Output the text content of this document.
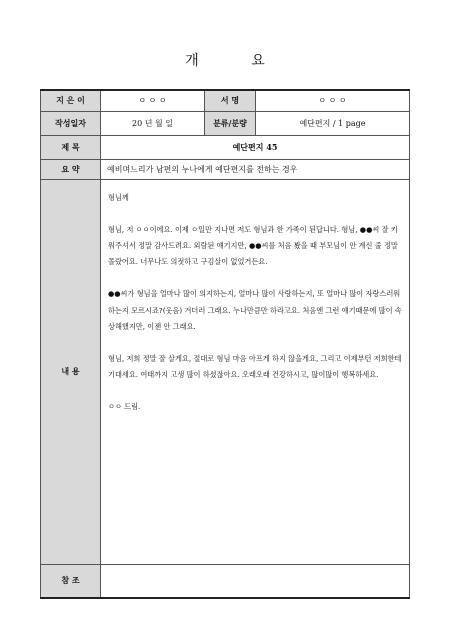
개 요
지 은 이	ㅇ ㅇ ㅇ	서 명	ㅇ ㅇ ㅇ
작성일자	20 년 월 일	분류/분량	예단편지 / 1 page
제 목	예단편지 45		
요 약	예비며느리가 남편의 누나에게 예단편지를 전하는 경우		
내 용	형님께

형님, 저 ㅇㅇ이에요. 이제 ㅇ일만 지나면 저도 형님과 한 가족이 된답니다. 형님, ●●씨 잘 키워주셔서 정말 감사드려요. 외람된 얘기지만, ●●씨를 처음 봤을 때 부모님이 안 계신 줄 정말 몰랐어요. 너무나도 의젓하고 구김살이 없었거든요.

●●씨가 형님을 얼마나 많이 의지하는지, 얼마나 많이 사랑하는지, 또 얼마나 많이 자랑스러워하는지 모르시죠?(웃음) 겨더러 그래요. 누나만큼만 하라고요. 처음엔 그런 얘기때문에 많이 속상해했지만, 이젠 안 그래요.

형님, 저희 정말 잘 살게요, 절대로 형님 마음 아프게 하지 않을게요, 그리고 이제부턴 저희한테 기대세요. 여태까지 고생 많이 하셨잖아요. 오래오래 건강하시고, 많이많이 행복하세요.

ㅇㅇ 드림.		

참 조			
